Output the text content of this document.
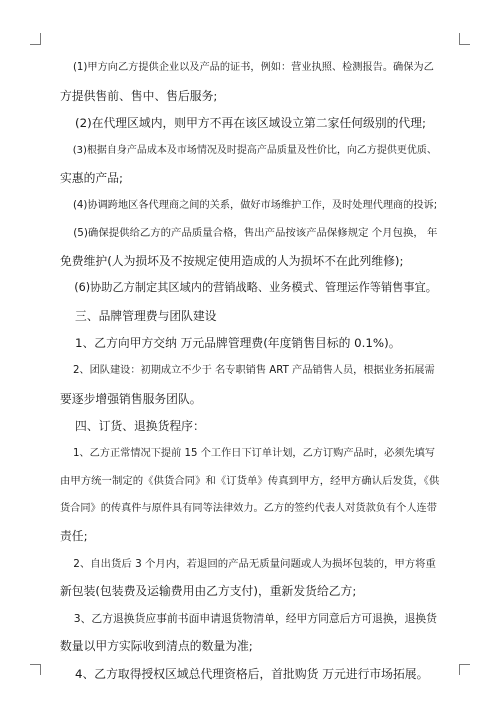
(1)甲方向乙方提供企业以及产品的证书，例如：营业执照、检测报告。确保为乙

方提供售前、售中、售后服务;

(2)在代理区域内，则甲方不再在该区域设立第二家任何级别的代理;

(3)根据自身产品成本及市场情况及时提高产品质量及性价比，向乙方提供更优质、

实惠的产品;

(4)协调跨地区各代理商之间的关系，做好市场维护工作，及时处理代理商的投诉;

(5)确保提供给乙方的产品质量合格，售出产品按该产品保修规定 个月包换， 年

免费维护(人为损坏及不按规定使用造成的人为损坏不在此列维修);

(6)协助乙方制定其区域内的营销战略、业务模式、管理运作等销售事宜。

三、品牌管理费与团队建设

1、乙方向甲方交纳 万元品牌管理费(年度销售目标的 0.1%)。

2、团队建设：初期成立不少于 名专职销售 ART 产品销售人员，根据业务拓展需

要逐步增强销售服务团队。

四、订货、退换货程序：

1、乙方正常情况下提前 15 个工作日下订单计划，乙方订购产品时，必须先填写

由甲方统一制定的《供货合同》和《订货单》传真到甲方，经甲方确认后发货，《供

货合同》的传真件与原件具有同等法律效力。乙方的签约代表人对货款负有个人连带

责任;

2、自出货后 3 个月内，若退回的产品无质量问题或人为损坏包装的，甲方将重

新包装(包装费及运输费用由乙方支付)，重新发货给乙方;

3、乙方退换货应事前书面申请退货物清单，经甲方同意后方可退换，退换货

数量以甲方实际收到清点的数量为准;

4、乙方取得授权区域总代理资格后，首批购货 万元进行市场拓展。
